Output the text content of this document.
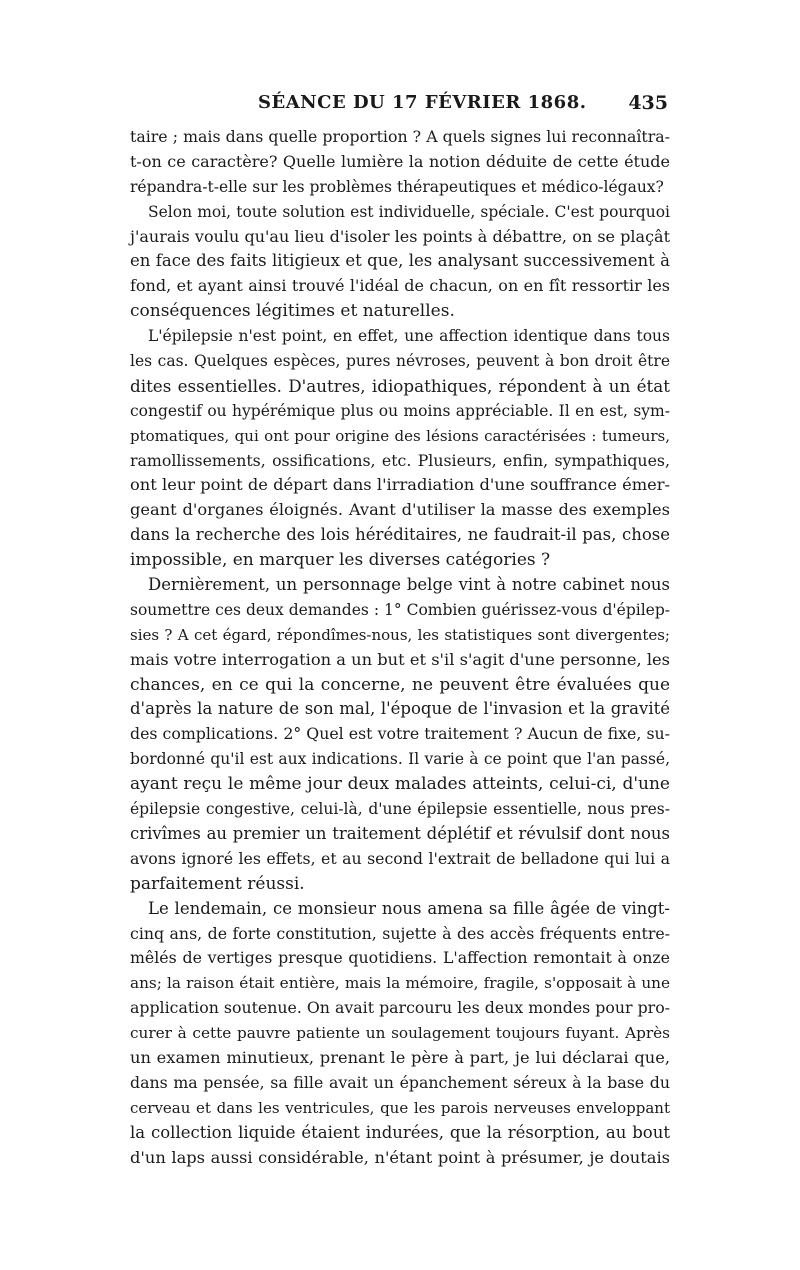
SÉANCE DU 17 FÉVRIER 1868. 435
taire ; mais dans quelle proportion ? A quels signes lui reconnaîtra-
t-on ce caractère? Quelle lumière la notion déduite de cette étude
répandra-t-elle sur les problèmes thérapeutiques et médico-légaux?
Selon moi, toute solution est individuelle, spéciale. C'est pourquoi
j'aurais voulu qu'au lieu d'isoler les points à débattre, on se plaçât
en face des faits litigieux et que, les analysant successivement à
fond, et ayant ainsi trouvé l'idéal de chacun, on en fît ressortir les
conséquences légitimes et naturelles.
L'épilepsie n'est point, en effet, une affection identique dans tous
les cas. Quelques espèces, pures névroses, peuvent à bon droit être
dites essentielles. D'autres, idiopathiques, répondent à un état
congestif ou hypérémique plus ou moins appréciable. Il en est, sym-
ptomatiques, qui ont pour origine des lésions caractérisées : tumeurs,
ramollissements, ossifications, etc. Plusieurs, enfin, sympathiques,
ont leur point de départ dans l'irradiation d'une souffrance émer-
geant d'organes éloignés. Avant d'utiliser la masse des exemples
dans la recherche des lois héréditaires, ne faudrait-il pas, chose
impossible, en marquer les diverses catégories ?
Dernièrement, un personnage belge vint à notre cabinet nous
soumettre ces deux demandes : 1° Combien guérissez-vous d'épilep-
sies ? A cet égard, répondîmes-nous, les statistiques sont divergentes;
mais votre interrogation a un but et s'il s'agit d'une personne, les
chances, en ce qui la concerne, ne peuvent être évaluées que
d'après la nature de son mal, l'époque de l'invasion et la gravité
des complications. 2° Quel est votre traitement ? Aucun de fixe, su-
bordonné qu'il est aux indications. Il varie à ce point que l'an passé,
ayant reçu le même jour deux malades atteints, celui-ci, d'une
épilepsie congestive, celui-là, d'une épilepsie essentielle, nous pres-
crivîmes au premier un traitement déplétif et révulsif dont nous
avons ignoré les effets, et au second l'extrait de belladone qui lui a
parfaitement réussi.
Le lendemain, ce monsieur nous amena sa fille âgée de vingt-
cinq ans, de forte constitution, sujette à des accès fréquents entre-
mêlés de vertiges presque quotidiens. L'affection remontait à onze
ans; la raison était entière, mais la mémoire, fragile, s'opposait à une
application soutenue. On avait parcouru les deux mondes pour pro-
curer à cette pauvre patiente un soulagement toujours fuyant. Après
un examen minutieux, prenant le père à part, je lui déclarai que,
dans ma pensée, sa fille avait un épanchement séreux à la base du
cerveau et dans les ventricules, que les parois nerveuses enveloppant
la collection liquide étaient indurées, que la résorption, au bout
d'un laps aussi considérable, n'étant point à présumer, je doutais
